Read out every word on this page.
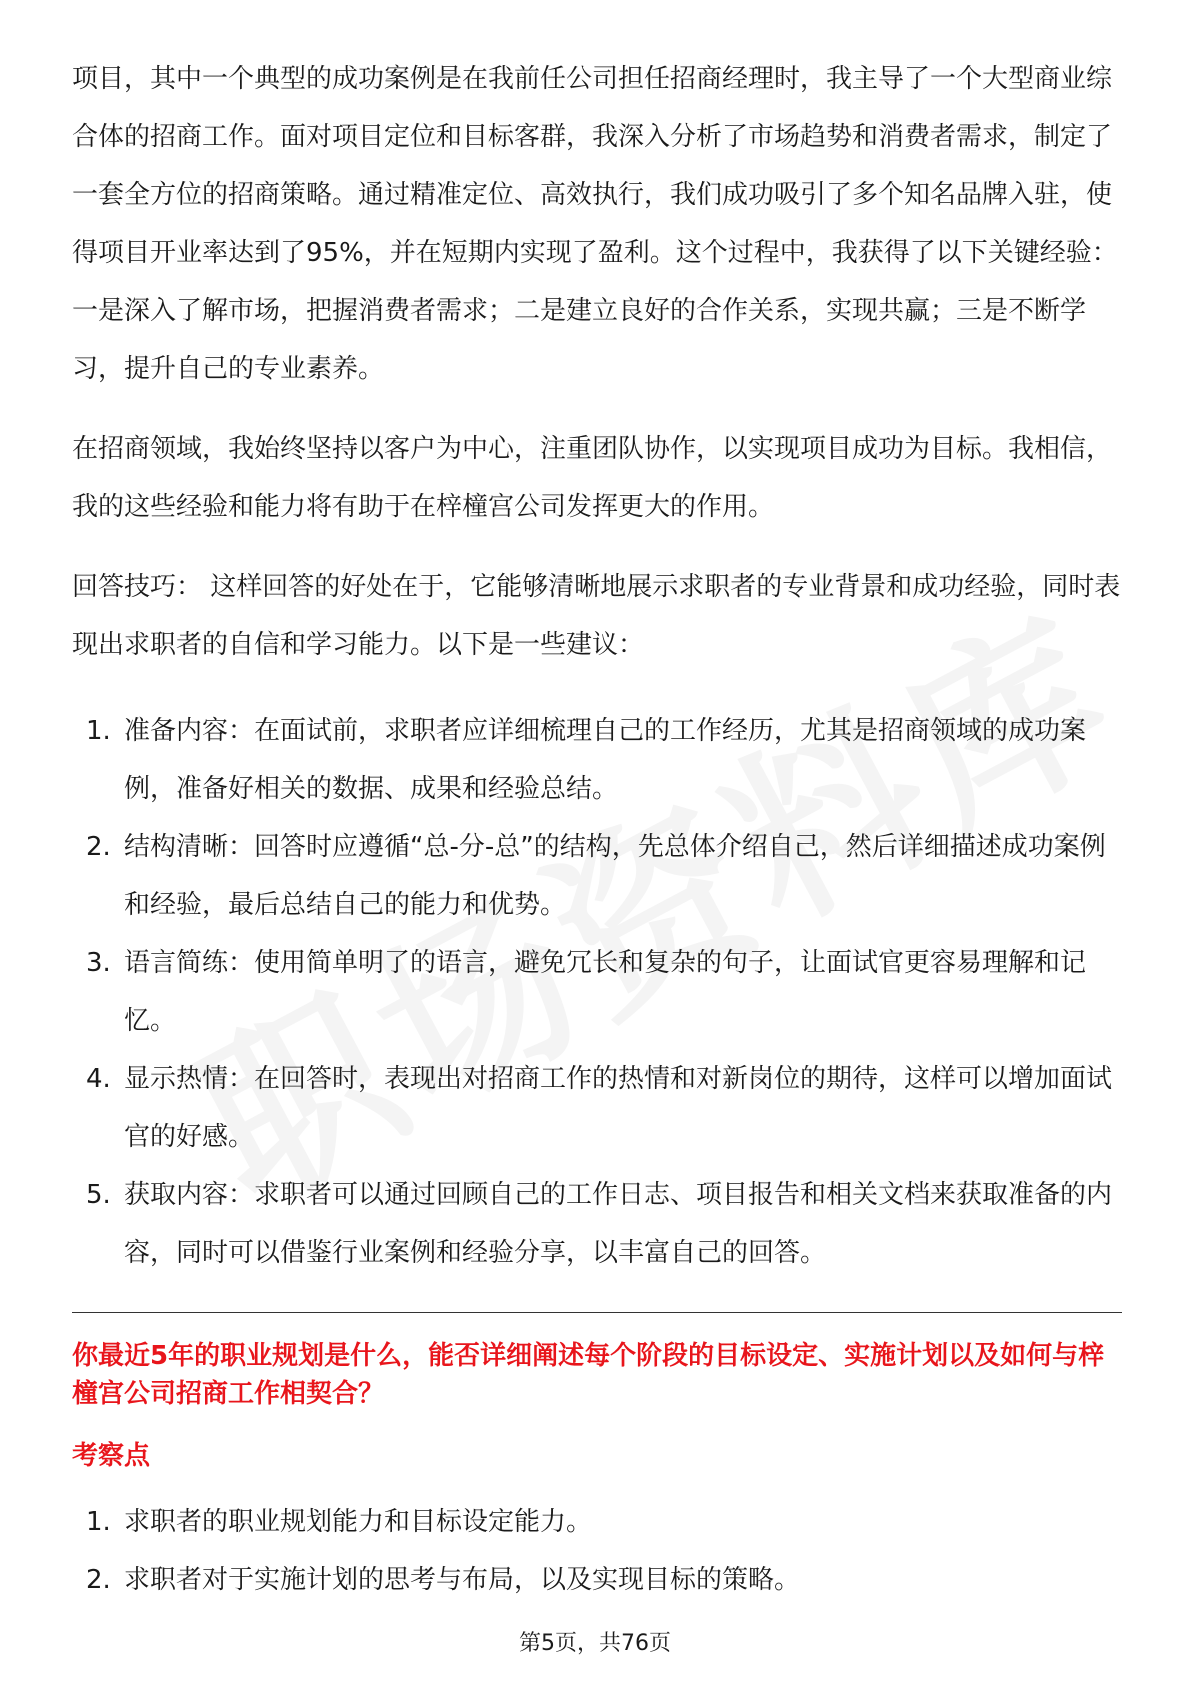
项目，其中一个典型的成功案例是在我前任公司担任招商经理时，我主导了一个大型商业综合体的招商工作。面对项目定位和目标客群，我深入分析了市场趋势和消费者需求，制定了一套全方位的招商策略。通过精准定位、高效执行，我们成功吸引了多个知名品牌入驻，使得项目开业率达到了95%，并在短期内实现了盈利。这个过程中，我获得了以下关键经验：一是深入了解市场，把握消费者需求；二是建立良好的合作关系，实现共赢；三是不断学习，提升自己的专业素养。

在招商领域，我始终坚持以客户为中心，注重团队协作，以实现项目成功为目标。我相信，我的这些经验和能力将有助于在梓橦宫公司发挥更大的作用。

回答技巧： 这样回答的好处在于，它能够清晰地展示求职者的专业背景和成功经验，同时表现出求职者的自信和学习能力。以下是一些建议：

1. 准备内容：在面试前，求职者应详细梳理自己的工作经历，尤其是招商领域的成功案例，准备好相关的数据、成果和经验总结。
2. 结构清晰：回答时应遵循“总-分-总”的结构，先总体介绍自己，然后详细描述成功案例和经验，最后总结自己的能力和优势。
3. 语言简练：使用简单明了的语言，避免冗长和复杂的句子，让面试官更容易理解和记忆。
4. 显示热情：在回答时，表现出对招商工作的热情和对新岗位的期待，这样可以增加面试官的好感。
5. 获取内容：求职者可以通过回顾自己的工作日志、项目报告和相关文档来获取准备的内容，同时可以借鉴行业案例和经验分享，以丰富自己的回答。
你最近5年的职业规划是什么，能否详细阐述每个阶段的目标设定、实施计划以及如何与梓橦宫公司招商工作相契合？
考察点
1. 求职者的职业规划能力和目标设定能力。
2. 求职者对于实施计划的思考与布局，以及实现目标的策略。
第5页，共76页
